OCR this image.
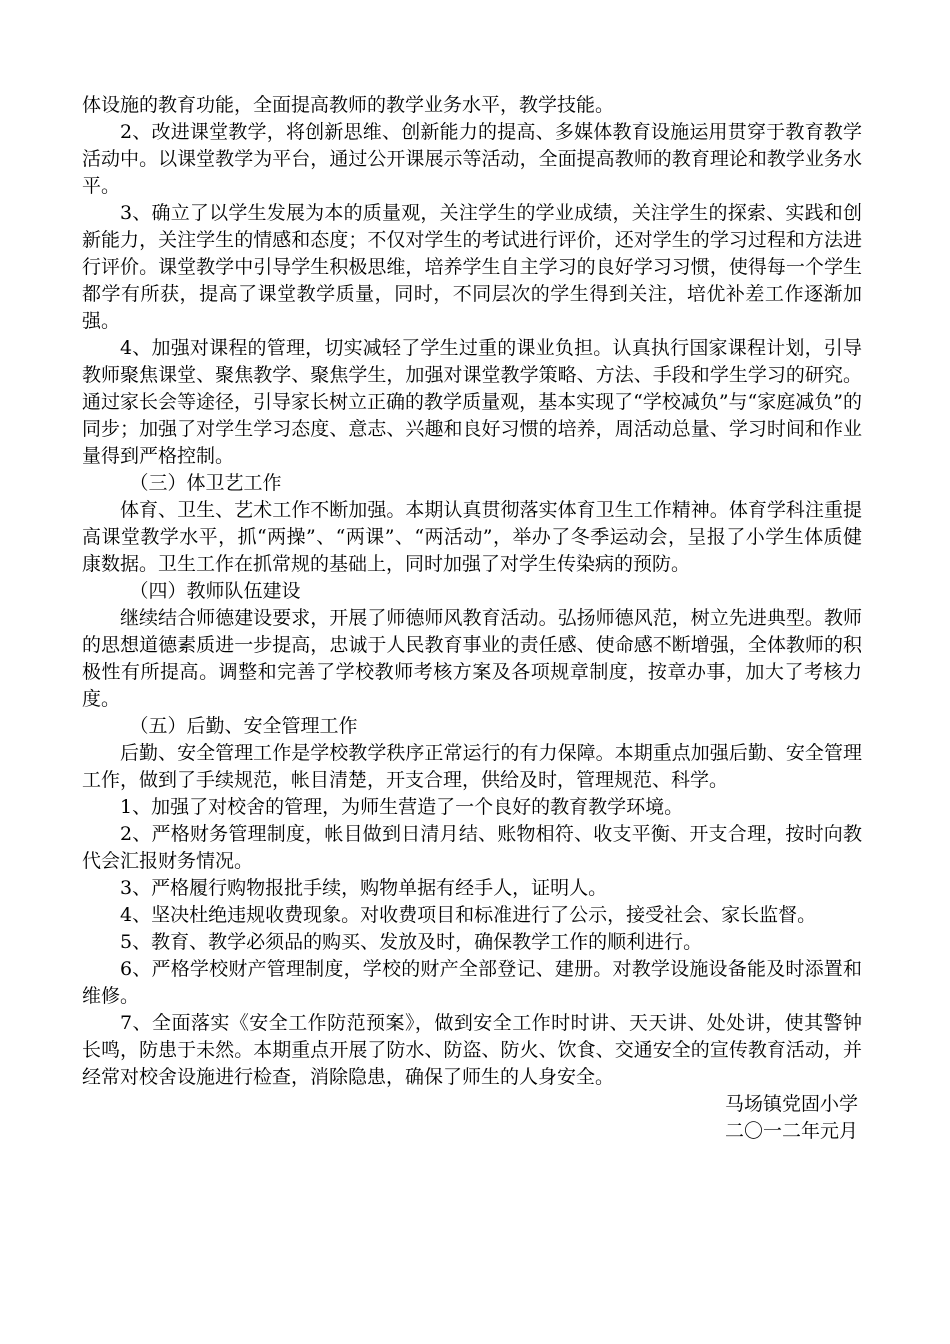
体设施的教育功能，全面提高教师的教学业务水平，教学技能。

2、改进课堂教学，将创新思维、创新能力的提高、多媒体教育设施运用贯穿于教育教学活动中。以课堂教学为平台，通过公开课展示等活动，全面提高教师的教育理论和教学业务水平。

3、确立了以学生发展为本的质量观，关注学生的学业成绩，关注学生的探索、实践和创新能力，关注学生的情感和态度；不仅对学生的考试进行评价，还对学生的学习过程和方法进行评价。课堂教学中引导学生积极思维，培养学生自主学习的良好学习习惯，使得每一个学生都学有所获，提高了课堂教学质量，同时，不同层次的学生得到关注，培优补差工作逐渐加强。

4、加强对课程的管理，切实减轻了学生过重的课业负担。认真执行国家课程计划，引导教师聚焦课堂、聚焦教学、聚焦学生，加强对课堂教学策略、方法、手段和学生学习的研究。通过家长会等途径，引导家长树立正确的教学质量观，基本实现了“学校减负”与“家庭减负”的同步；加强了对学生学习态度、意志、兴趣和良好习惯的培养，周活动总量、学习时间和作业量得到严格控制。

（三）体卫艺工作

体育、卫生、艺术工作不断加强。本期认真贯彻落实体育卫生工作精神。体育学科注重提高课堂教学水平，抓“两操”、“两课”、“两活动”，举办了冬季运动会，呈报了小学生体质健康数据。卫生工作在抓常规的基础上，同时加强了对学生传染病的预防。

（四）教师队伍建设

继续结合师德建设要求，开展了师德师风教育活动。弘扬师德风范，树立先进典型。教师的思想道德素质进一步提高，忠诚于人民教育事业的责任感、使命感不断增强，全体教师的积极性有所提高。调整和完善了学校教师考核方案及各项规章制度，按章办事，加大了考核力度。

（五）后勤、安全管理工作

后勤、安全管理工作是学校教学秩序正常运行的有力保障。本期重点加强后勤、安全管理工作，做到了手续规范，帐目清楚，开支合理，供给及时，管理规范、科学。

1、加强了对校舍的管理，为师生营造了一个良好的教育教学环境。

2、严格财务管理制度，帐目做到日清月结、账物相符、收支平衡、开支合理，按时向教代会汇报财务情况。

3、严格履行购物报批手续，购物单据有经手人，证明人。

4、坚决杜绝违规收费现象。对收费项目和标准进行了公示，接受社会、家长监督。

5、教育、教学必须品的购买、发放及时，确保教学工作的顺利进行。

6、严格学校财产管理制度，学校的财产全部登记、建册。对教学设施设备能及时添置和维修。

7、全面落实《安全工作防范预案》，做到安全工作时时讲、天天讲、处处讲，使其警钟长鸣，防患于未然。本期重点开展了防水、防盗、防火、饮食、交通安全的宣传教育活动，并经常对校舍设施进行检查，消除隐患，确保了师生的人身安全。

马场镇党固小学

二〇一二年元月
